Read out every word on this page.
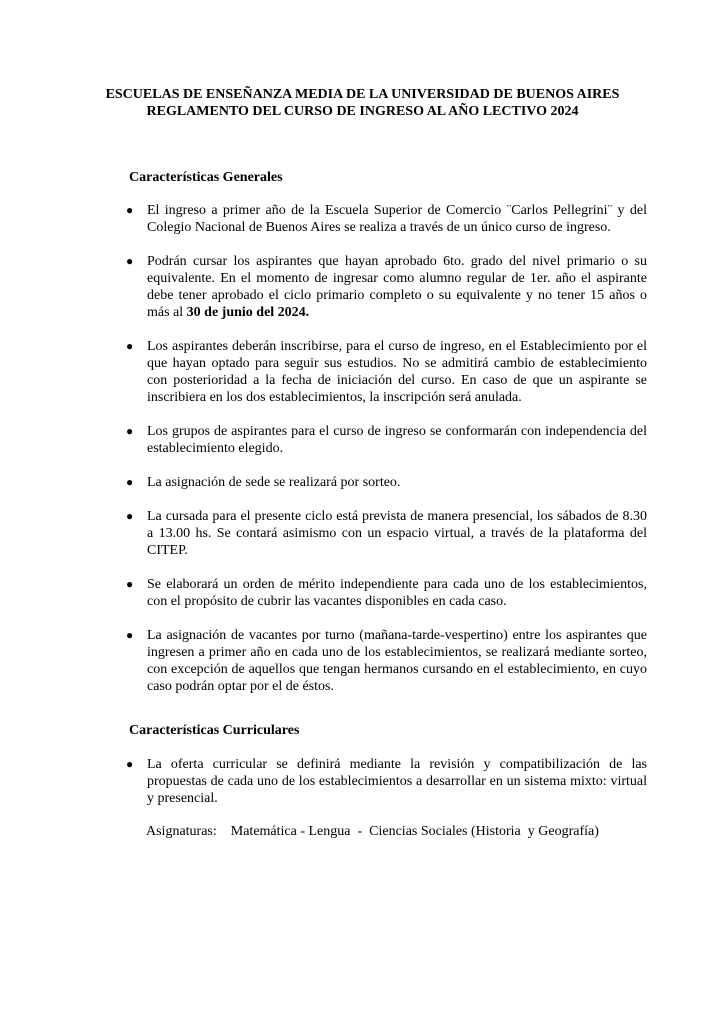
ESCUELAS DE ENSEÑANZA MEDIA DE LA UNIVERSIDAD DE BUENOS AIRES
REGLAMENTO DEL CURSO DE INGRESO AL AÑO LECTIVO 2024
Características Generales
● El ingreso a primer año de la Escuela Superior de Comercio ¨Carlos Pellegrini¨ y del Colegio Nacional de Buenos Aires se realiza a través de un único curso de ingreso.
● Podrán cursar los aspirantes que hayan aprobado 6to. grado del nivel primario o su equivalente. En el momento de ingresar como alumno regular de 1er. año el aspirante debe tener aprobado el ciclo primario completo o su equivalente y no tener 15 años o más al 30 de junio del 2024.
● Los aspirantes deberán inscribirse, para el curso de ingreso, en el Establecimiento por el que hayan optado para seguir sus estudios. No se admitirá cambio de establecimiento con posterioridad a la fecha de iniciación del curso. En caso de que un aspirante se inscribiera en los dos establecimientos, la inscripción será anulada.
● Los grupos de aspirantes para el curso de ingreso se conformarán con independencia del establecimiento elegido.
● La asignación de sede se realizará por sorteo.
● La cursada para el presente ciclo está prevista de manera presencial, los sábados de 8.30 a 13.00 hs. Se contará asimismo con un espacio virtual, a través de la plataforma del CITEP.
● Se elaborará un orden de mérito independiente para cada uno de los establecimientos, con el propósito de cubrir las vacantes disponibles en cada caso.
● La asignación de vacantes por turno (mañana-tarde-vespertino) entre los aspirantes que ingresen a primer año en cada uno de los establecimientos, se realizará mediante sorteo, con excepción de aquellos que tengan hermanos cursando en el establecimiento, en cuyo caso podrán optar por el de éstos.
Características Curriculares
● La oferta curricular se definirá mediante la revisión y compatibilización de las propuestas de cada uno de los establecimientos a desarrollar en un sistema mixto: virtual y presencial.
Asignaturas: Matemática - Lengua  -  Ciencias Sociales (Historia  y Geografía)
